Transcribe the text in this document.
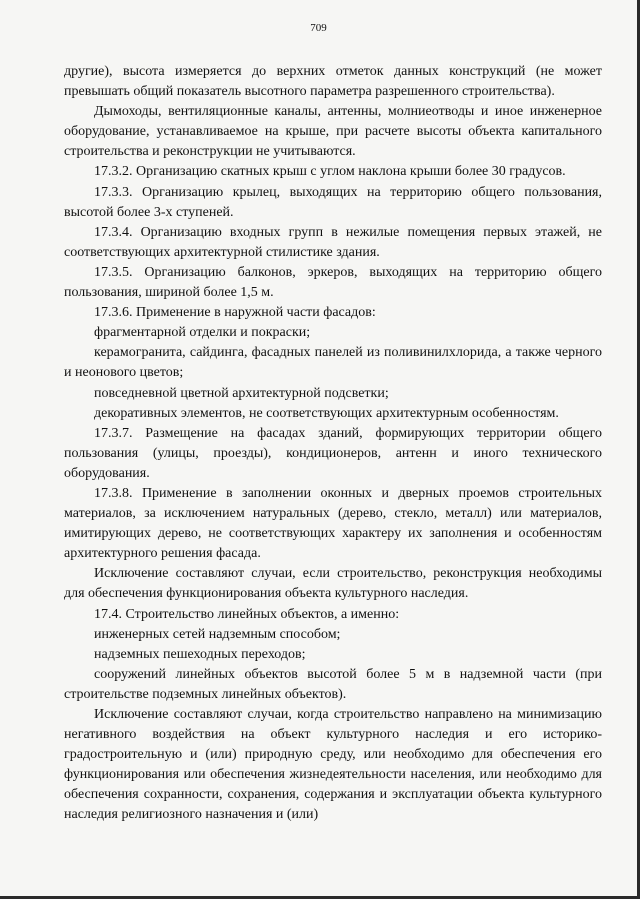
709

другие), высота измеряется до верхних отметок данных конструкций (не может превышать общий показатель высотного параметра разрешенного строительства).

Дымоходы, вентиляционные каналы, антенны, молниеотводы и иное инженерное оборудование, устанавливаемое на крыше, при расчете высоты объекта капитального строительства и реконструкции не учитываются.

17.3.2. Организацию скатных крыш с углом наклона крыши более 30 градусов.

17.3.3. Организацию крылец, выходящих на территорию общего пользования, высотой более 3-х ступеней.

17.3.4. Организацию входных групп в нежилые помещения первых этажей, не соответствующих архитектурной стилистике здания.

17.3.5. Организацию балконов, эркеров, выходящих на территорию общего пользования, шириной более 1,5 м.

17.3.6. Применение в наружной части фасадов:

фрагментарной отделки и покраски;

керамогранита, сайдинга, фасадных панелей из поливинилхлорида, а также черного и неонового цветов;

повседневной цветной архитектурной подсветки;

декоративных элементов, не соответствующих архитектурным особенностям.

17.3.7. Размещение на фасадах зданий, формирующих территории общего пользования (улицы, проезды), кондиционеров, антенн и иного технического оборудования.

17.3.8. Применение в заполнении оконных и дверных проемов строительных материалов, за исключением натуральных (дерево, стекло, металл) или материалов, имитирующих дерево, не соответствующих характеру их заполнения и особенностям архитектурного решения фасада.

Исключение составляют случаи, если строительство, реконструкция необходимы для обеспечения функционирования объекта культурного наследия.

17.4. Строительство линейных объектов, а именно:

инженерных сетей надземным способом;

надземных пешеходных переходов;

сооружений линейных объектов высотой более 5 м в надземной части (при строительстве подземных линейных объектов).

Исключение составляют случаи, когда строительство направлено на минимизацию негативного воздействия на объект культурного наследия и его историко-градостроительную и (или) природную среду, или необходимо для обеспечения его функционирования или обеспечения жизнедеятельности населения, или необходимо для обеспечения сохранности, сохранения, содержания и эксплуатации объекта культурного наследия религиозного назначения и (или)
